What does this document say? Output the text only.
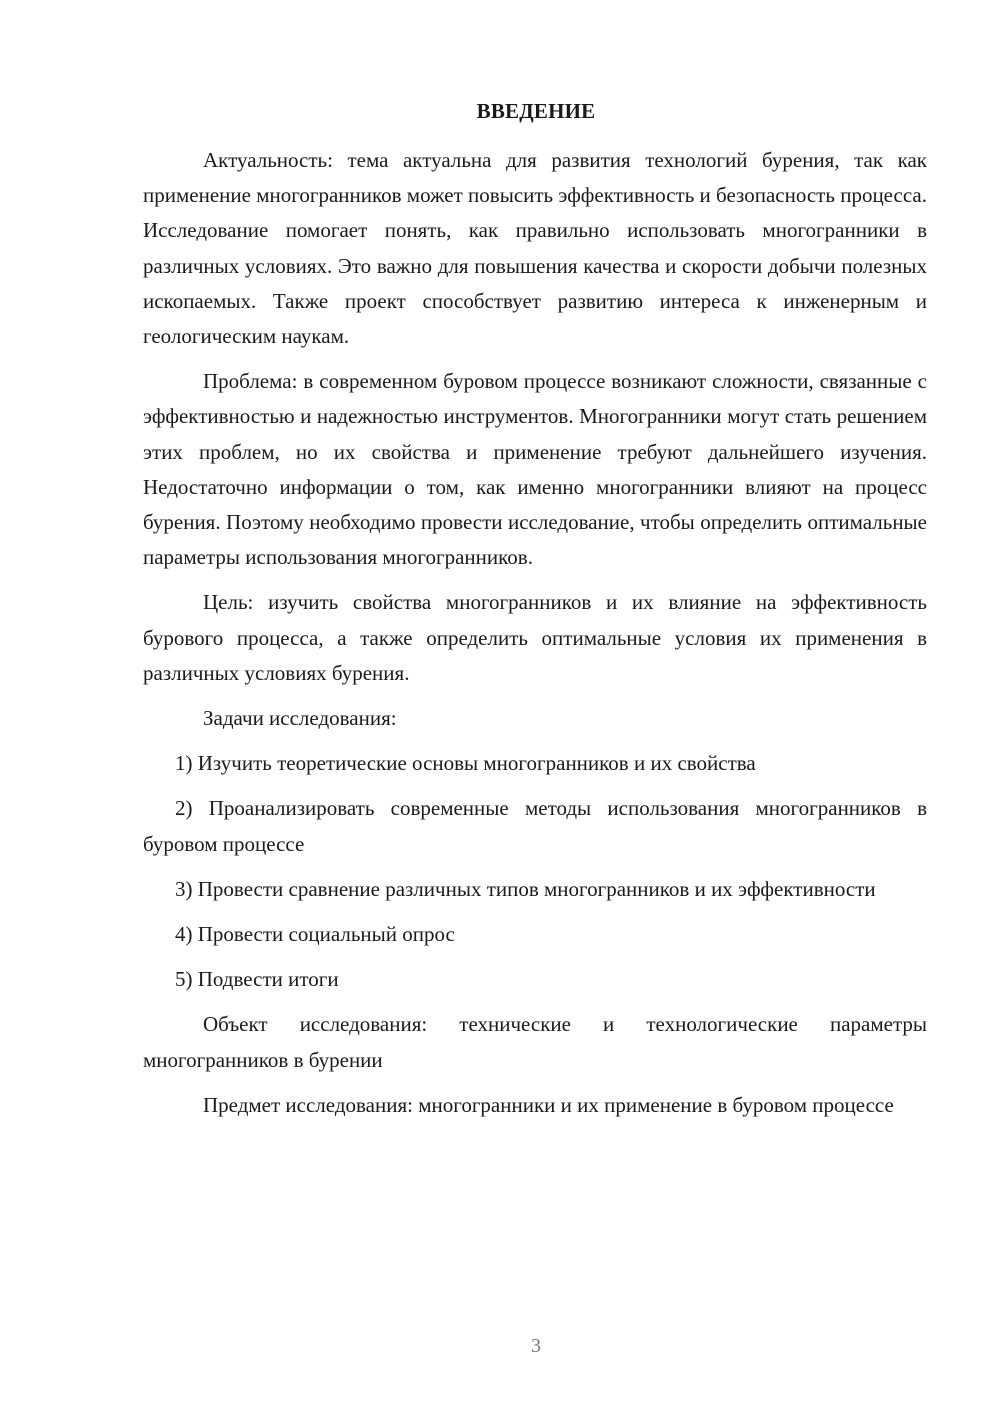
ВВЕДЕНИЕ

Актуальность: тема актуальна для развития технологий бурения, так как применение многогранников может повысить эффективность и безопасность процесса. Исследование помогает понять, как правильно использовать многогранники в различных условиях. Это важно для повышения качества и скорости добычи полезных ископаемых. Также проект способствует развитию интереса к инженерным и геологическим наукам.

Проблема: в современном буровом процессе возникают сложности, связанные с эффективностью и надежностью инструментов. Многогранники могут стать решением этих проблем, но их свойства и применение требуют дальнейшего изучения. Недостаточно информации о том, как именно многогранники влияют на процесс бурения. Поэтому необходимо провести исследование, чтобы определить оптимальные параметры использования многогранников.

Цель: изучить свойства многогранников и их влияние на эффективность бурового процесса, а также определить оптимальные условия их применения в различных условиях бурения.

Задачи исследования:

1) Изучить теоретические основы многогранников и их свойства

2) Проанализировать современные методы использования многогранников в буровом процессе

3) Провести сравнение различных типов многогранников и их эффективности

4) Провести социальный опрос

5) Подвести итоги

Объект исследования: технические и технологические параметры многогранников в бурении

Предмет исследования: многогранники и их применение в буровом процессе

3
